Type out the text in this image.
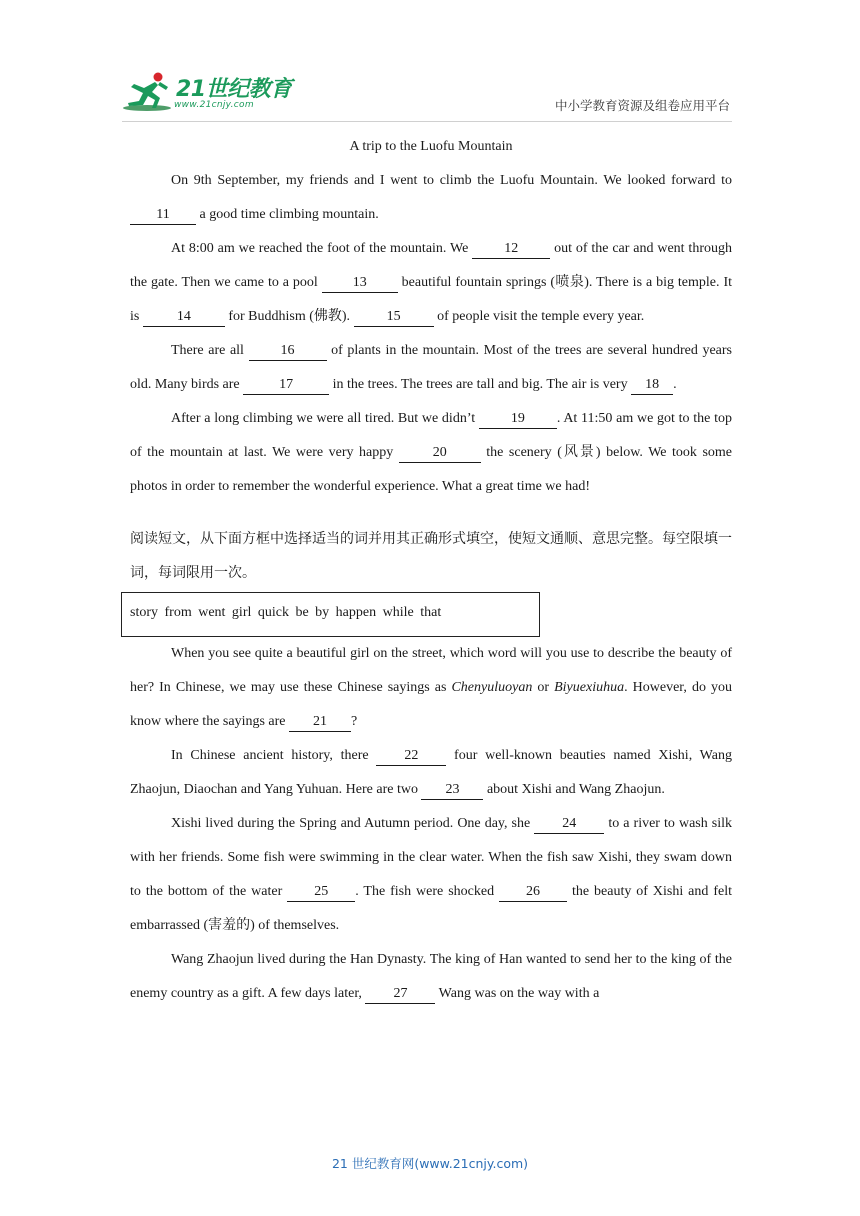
21世纪教育
www.21cnjy.com	中小学教育资源及组卷应用平台

A trip to the Luofu Mountain

On 9th September, my friends and I went to climb the Luofu Mountain. We looked forward to 11 a good time climbing mountain.

At 8:00 am we reached the foot of the mountain. We 12 out of the car and went through the gate. Then we came to a pool 13 beautiful fountain springs (喷泉). There is a big temple. It is 14 for Buddhism (佛教). 15 of people visit the temple every year.

There are all 16 of plants in the mountain. Most of the trees are several hundred years old. Many birds are	17	in the trees. The trees are tall and big. The air is very 18 .

After a long climbing we were all tired. But we didn’t 19 . At 11:50 am we got to the top of the mountain at last. We were very happy 20 the scenery (风景) below. We took some photos in order to remember the wonderful experience. What a great time we had!

阅读短文，从下面方框中选择适当的词并用其正确形式填空，使短文通顺、意思完整。每空限填一词，每词限用一次。

story from went girl quick be by happen while that

When you see quite a beautiful girl on the street, which word will you use to describe the beauty of her? In Chinese, we may use these Chinese sayings as Chenyuluoyan or Biyuexiuhua. However, do you know where the sayings are 21 ?

In Chinese ancient history, there 22 four well-known beauties named Xishi, Wang Zhaojun, Diaochan and Yang Yuhuan. Here are two 23 about Xishi and Wang Zhaojun.

Xishi lived during the Spring and Autumn period. One day, she 24 to a river to wash silk with her friends. Some fish were swimming in the clear water. When the fish saw Xishi, they swam down to the bottom of the water 25 . The fish were shocked 26 the beauty of Xishi and felt embarrassed (害羞的) of themselves.

Wang Zhaojun lived during the Han Dynasty. The king of Han wanted to send her to the king of the enemy country as a gift. A few days later, 27 Wang was on the way with a

21 世纪教育网(www.21cnjy.com)
